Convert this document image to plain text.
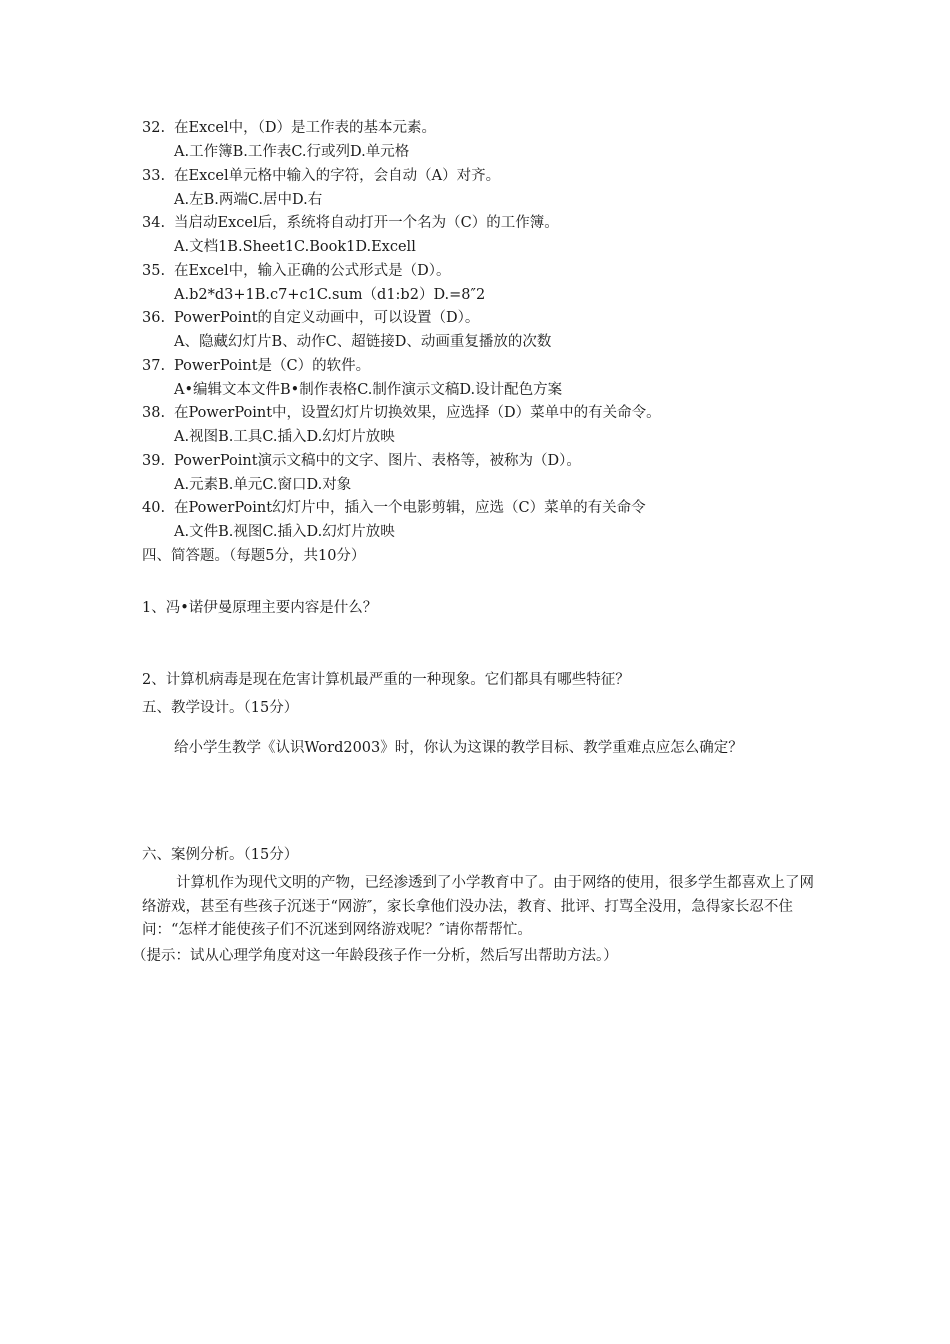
32. 在Excel中，（D）是工作表的基本元素。
A.工作簿B.工作表C.行或列D.单元格
33. 在Excel单元格中输入的字符，会自动（A）对齐。
A.左B.两端C.居中D.右
34. 当启动Excel后，系统将自动打开一个名为（C）的工作簿。
A.文档1B.Sheet1C.Book1D.Excell
35. 在Excel中，输入正确的公式形式是（D）。
A.b2*d3+1B.c7+c1C.sum（d1:b2）D.=8″2
36. PowerPoint的自定义动画中，可以设置（D）。
A、隐藏幻灯片B、动作C、超链接D、动画重复播放的次数
37. PowerPoint是（C）的软件。
A•编辑文本文件B•制作表格C.制作演示文稿D.设计配色方案
38. 在PowerPoint中，设置幻灯片切换效果，应选择（D）菜单中的有关命令。
A.视图B.工具C.插入D.幻灯片放映
39. PowerPoint演示文稿中的文字、图片、表格等，被称为（D）。
A.元素B.单元C.窗口D.对象
40. 在PowerPoint幻灯片中，插入一个电影剪辑，应选（C）菜单的有关命令
A.文件B.视图C.插入D.幻灯片放映
四、简答题。（每题5分，共10分）
1、冯•诺伊曼原理主要内容是什么？
2、计算机病毒是现在危害计算机最严重的一种现象。它们都具有哪些特征？
五、教学设计。（15分）
给小学生教学《认识Word2003》时，你认为这课的教学目标、教学重难点应怎么确定？
六、案例分析。（15分）
计算机作为现代文明的产物，已经渗透到了小学教育中了。由于网络的使用，很多学生都喜欢上了网络游戏，甚至有些孩子沉迷于“网游″，家长拿他们没办法，教育、批评、打骂全没用，急得家长忍不住问：“怎样才能使孩子们不沉迷到网络游戏呢？″请你帮帮忙。
（提示：试从心理学角度对这一年龄段孩子作一分析，然后写出帮助方法。）
